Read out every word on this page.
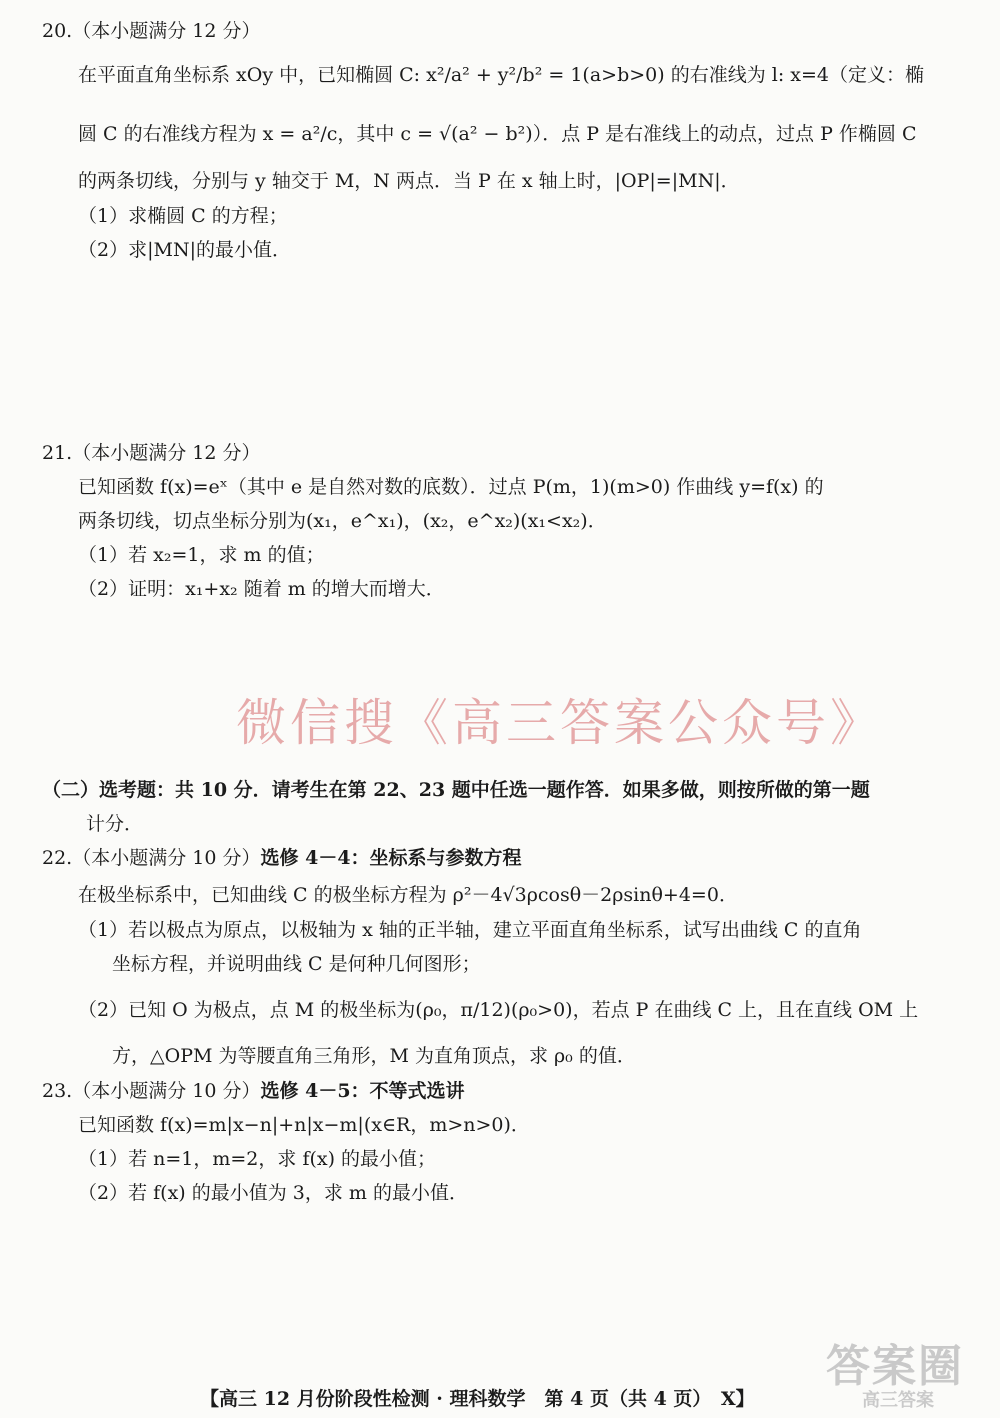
20.（本小题满分 12 分）
在平面直角坐标系 xOy 中，已知椭圆 C: x²/a² + y²/b² = 1(a>b>0) 的右准线为 l: x=4（定义：椭
圆 C 的右准线方程为 x = a²/c，其中 c = √(a² − b²)）．点 P 是右准线上的动点，过点 P 作椭圆 C
的两条切线，分别与 y 轴交于 M，N 两点．当 P 在 x 轴上时，|OP|=|MN|．
（1）求椭圆 C 的方程；
（2）求|MN|的最小值．
21.（本小题满分 12 分）
已知函数 f(x)=eˣ（其中 e 是自然对数的底数）．过点 P(m，1)(m>0) 作曲线 y=f(x) 的
两条切线，切点坐标分别为(x₁，e^x₁)，(x₂，e^x₂)(x₁<x₂)．
（1）若 x₂=1，求 m 的值；
（2）证明：x₁+x₂ 随着 m 的增大而增大．
微信搜《高三答案公众号》
（二）选考题：共 10 分．请考生在第 22、23 题中任选一题作答．如果多做，则按所做的第一题
计分．
22.（本小题满分 10 分）选修 4－4：坐标系与参数方程
在极坐标系中，已知曲线 C 的极坐标方程为 ρ²－4√3ρcosθ－2ρsinθ+4=0．
（1）若以极点为原点，以极轴为 x 轴的正半轴，建立平面直角坐标系，试写出曲线 C 的直角
坐标方程，并说明曲线 C 是何种几何图形；
（2）已知 O 为极点，点 M 的极坐标为(ρ₀，π/12)(ρ₀>0)，若点 P 在曲线 C 上，且在直线 OM 上
方，△OPM 为等腰直角三角形，M 为直角顶点，求 ρ₀ 的值．
23.（本小题满分 10 分）选修 4－5：不等式选讲
已知函数 f(x)=m|x−n|+n|x−m|(x∈R，m>n>0)．
（1）若 n=1，m=2，求 f(x) 的最小值；
（2）若 f(x) 的最小值为 3，求 m 的最小值．
【高三 12 月份阶段性检测 · 理科数学　第 4 页（共 4 页）　X】
答案圈
高三答案
